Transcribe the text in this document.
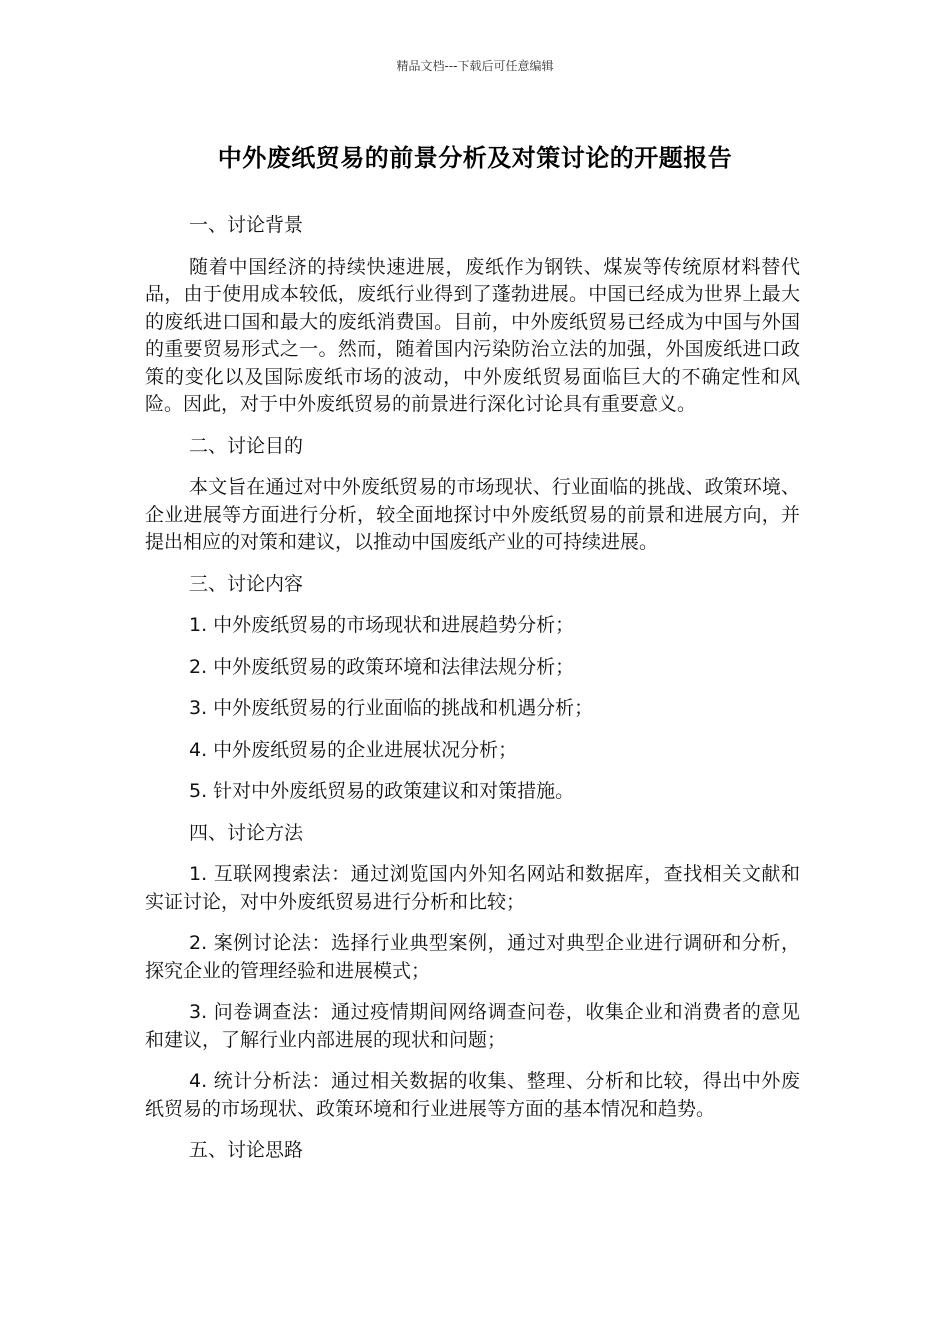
精品文档---下载后可任意编辑
中外废纸贸易的前景分析及对策讨论的开题报告
一、讨论背景
随着中国经济的持续快速进展，废纸作为钢铁、煤炭等传统原材料替代品，由于使用成本较低，废纸行业得到了蓬勃进展。中国已经成为世界上最大的废纸进口国和最大的废纸消费国。目前，中外废纸贸易已经成为中国与外国的重要贸易形式之一。然而，随着国内污染防治立法的加强，外国废纸进口政策的变化以及国际废纸市场的波动，中外废纸贸易面临巨大的不确定性和风险。因此，对于中外废纸贸易的前景进行深化讨论具有重要意义。
二、讨论目的
本文旨在通过对中外废纸贸易的市场现状、行业面临的挑战、政策环境、企业进展等方面进行分析，较全面地探讨中外废纸贸易的前景和进展方向，并提出相应的对策和建议，以推动中国废纸产业的可持续进展。
三、讨论内容
1. 中外废纸贸易的市场现状和进展趋势分析；
2. 中外废纸贸易的政策环境和法律法规分析；
3. 中外废纸贸易的行业面临的挑战和机遇分析；
4. 中外废纸贸易的企业进展状况分析；
5. 针对中外废纸贸易的政策建议和对策措施。
四、讨论方法
1. 互联网搜索法：通过浏览国内外知名网站和数据库，查找相关文献和实证讨论，对中外废纸贸易进行分析和比较；
2. 案例讨论法：选择行业典型案例，通过对典型企业进行调研和分析，探究企业的管理经验和进展模式；
3. 问卷调查法：通过疫情期间网络调查问卷，收集企业和消费者的意见和建议，了解行业内部进展的现状和问题；
4. 统计分析法：通过相关数据的收集、整理、分析和比较，得出中外废纸贸易的市场现状、政策环境和行业进展等方面的基本情况和趋势。
五、讨论思路
